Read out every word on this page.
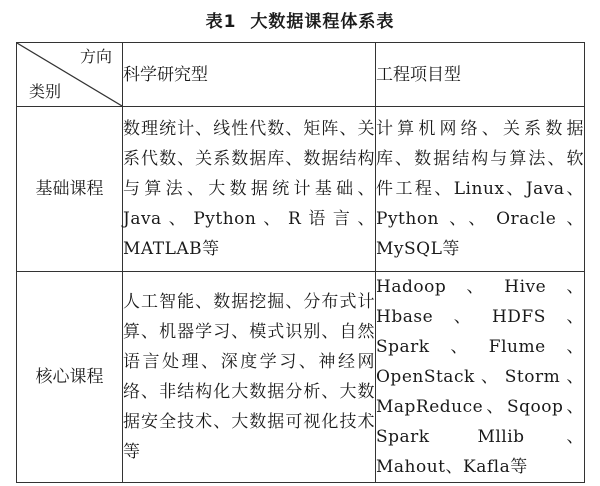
表1 大数据课程体系表
方向
类别	科学研究型	工程项目型
基础课程	数理统计、线性代数、矩阵、关系代数、关系数据库、数据结构与算法、大数据统计基础、Java、Python、R语言、MATLAB等	计算机网络、关系数据库、数据结构与算法、软件工程、Linux、Java、Python、、Oracle、MySQL等
核心课程	人工智能、数据挖掘、分布式计算、机器学习、模式识别、自然语言处理、深度学习、神经网络、非结构化大数据分析、大数据安全技术、大数据可视化技术等	Hadoop、Hive、Hbase、HDFS、Spark、Flume、OpenStack、Storm、MapReduce、Sqoop、Spark Mllib、Mahout、Kafla等
